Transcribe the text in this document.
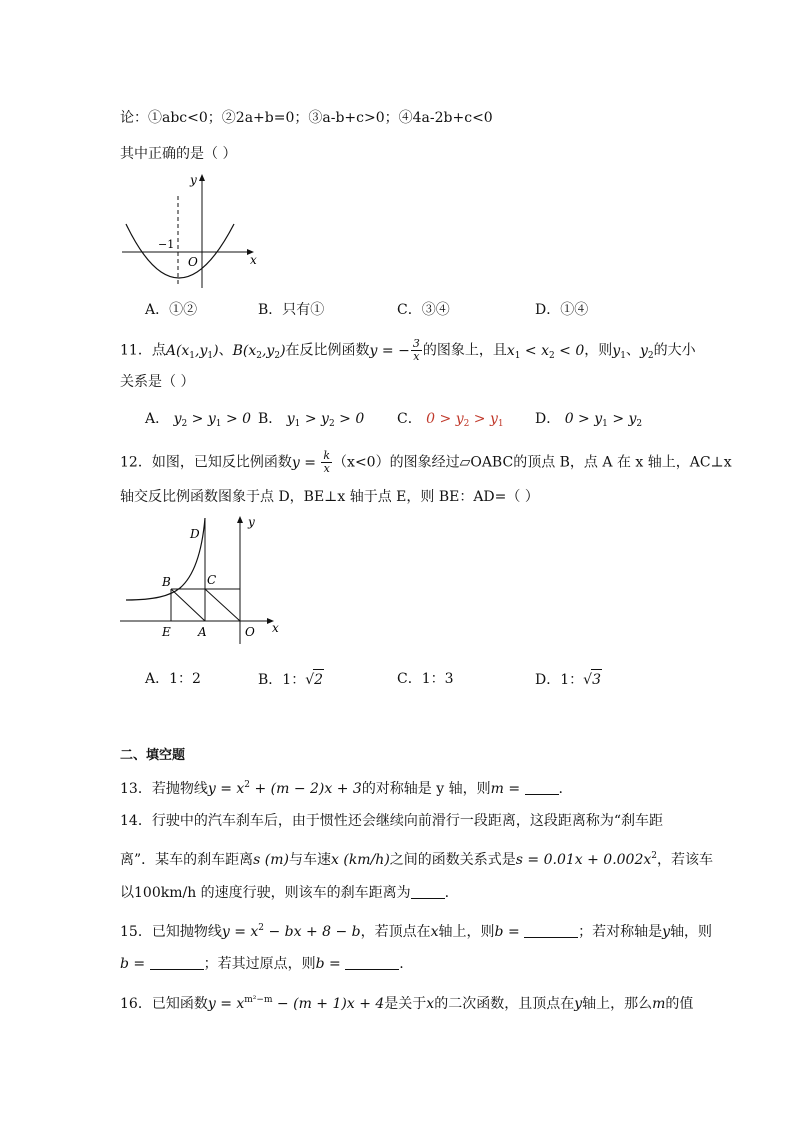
论：①abc<0；②2a+b=0；③a-b+c>0；④4a-2b+c<0
其中正确的是（ ）
y
x
O
−1
A．①②	B．只有①	C．③④	D．①④
11．点$A(x_1,y_1)$、$B(x_2,y_2)$在反比例函数y = − $\frac{3}{x}$ 的图象上，且$x_1 < x_2 < 0$，则$y_1$、$y_2$的大小
关系是（ ）
A． $y_2 > y_1 > 0$ B． $y_1 > y_2 > 0$ C． $0 > y_2 > y_1$ D． $0 > y_1 > y_2$
12．如图，已知反比例函数$y = \frac{k}{x} (x<0)$的图象经过▱OABC的顶点 B，点 A 在 x 轴上，AC⊥x
轴交反比例函数图象于点 D，BE⊥x 轴于点 E，则 BE：AD=（ ）
D
B	C
E A	O x
y
A．1：2	B．1：√2	C．1：3	D．1：√3
二、填空题
13．若抛物线$y = x^2 + (m - 2)x + 3$的对称轴是 y 轴，则m =	.
14．行驶中的汽车刹车后，由于惯性还会继续向前滑行一段距离，这段距离称为“刹车距
离”．某车的刹车距离s (m)与车速x (km/h)之间的函数关系式是$s = 0.01x + 0.002x^2$，若该车
以100km/h 的速度行驶，则该车的刹车距离为 .
15．已知抛物线$y = x^2$ − bx + 8 − b，若顶点在x轴上，则b =	；若对称轴是y轴，则
b =	；若其过原点，则b =	.
16．已知函数$y = x^{m^2-m} - (m + 1)x + 4$是关于x的二次函数，且顶点在y轴上，那么m的值
